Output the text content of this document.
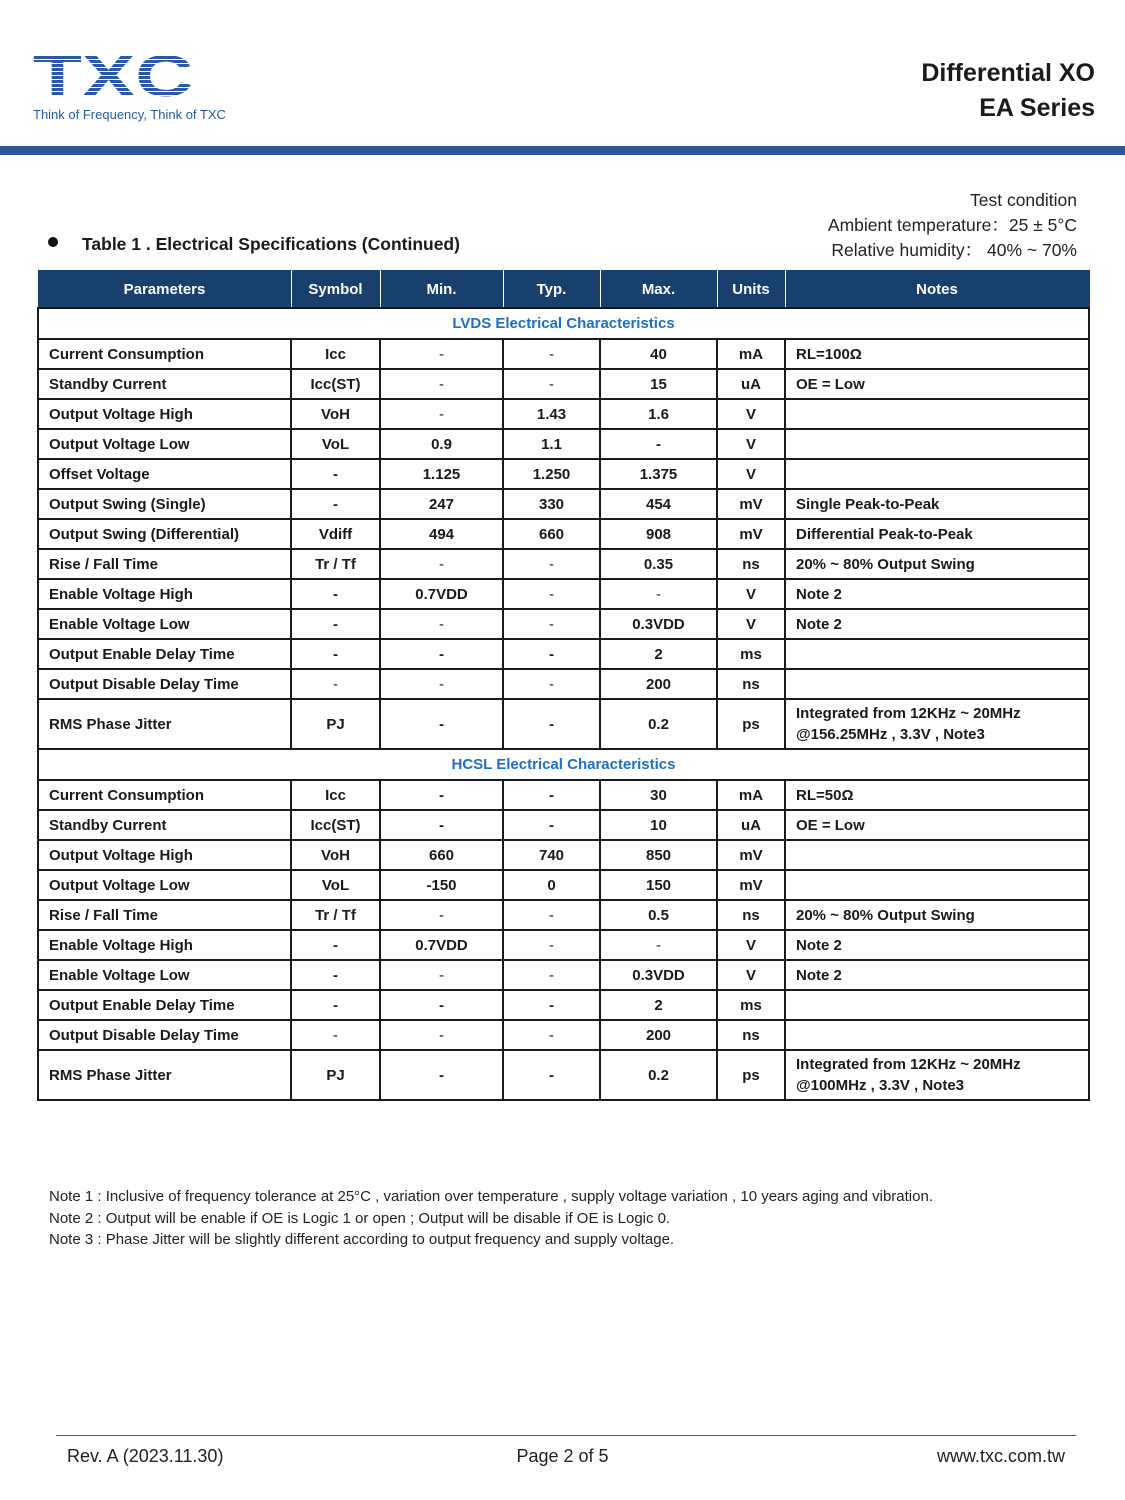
TXC
Think of Frequency, Think of TXC
Differential XO
EA Series
Test condition
Ambient temperature：25 ± 5°C
Relative humidity： 40% ~ 70%
Table 1 . Electrical Specifications (Continued)
Parameters	Symbol	Min.	Typ.	Max.	Units	Notes
LVDS Electrical Characteristics						
Current Consumption	Icc	-	-	40	mA	RL=100Ω
Standby Current	Icc(ST)	-	-	15	uA	OE = Low
Output Voltage High	VoH	-	1.43	1.6	V	
Output Voltage Low	VoL	0.9	1.1	-	V	
Offset Voltage	-	1.125	1.250	1.375	V	
Output Swing (Single)	-	247	330	454	mV	Single Peak-to-Peak
Output Swing (Differential)	Vdiff	494	660	908	mV	Differential Peak-to-Peak
Rise / Fall Time	Tr / Tf	-	-	0.35	ns	20% ~ 80% Output Swing
Enable Voltage High	-	0.7VDD	-	-	V	Note 2
Enable Voltage Low	-	-	-	0.3VDD	V	Note 2
Output Enable Delay Time	-	-	-	2	ms	
Output Disable Delay Time	-	-	-	200	ns	
RMS Phase Jitter	PJ	-	-	0.2	ps	Integrated from 12KHz ~ 20MHz
@156.25MHz , 3.3V , Note3

HCSL Electrical Characteristics						
Current Consumption	Icc	-	-	30	mA	RL=50Ω
Standby Current	Icc(ST)	-	-	10	uA	OE = Low
Output Voltage High	VoH	660	740	850	mV	
Output Voltage Low	VoL	-150	0	150	mV	
Rise / Fall Time	Tr / Tf	-	-	0.5	ns	20% ~ 80% Output Swing
Enable Voltage High	-	0.7VDD	-	-	V	Note 2
Enable Voltage Low	-	-	-	0.3VDD	V	Note 2
Output Enable Delay Time	-	-	-	2	ms	
Output Disable Delay Time	-	-	-	200	ns	
RMS Phase Jitter	PJ	-	-	0.2	ps	Integrated from 12KHz ~ 20MHz
@100MHz , 3.3V , Note3
Note 1 : Inclusive of frequency tolerance at 25°C , variation over temperature , supply voltage variation , 10 years aging and vibration.
Note 2 : Output will be enable if OE is Logic 1 or open ; Output will be disable if OE is Logic 0.
Note 3 : Phase Jitter will be slightly different according to output frequency and supply voltage.
Rev. A (2023.11.30)	Page 2 of 5	www.txc.com.tw
